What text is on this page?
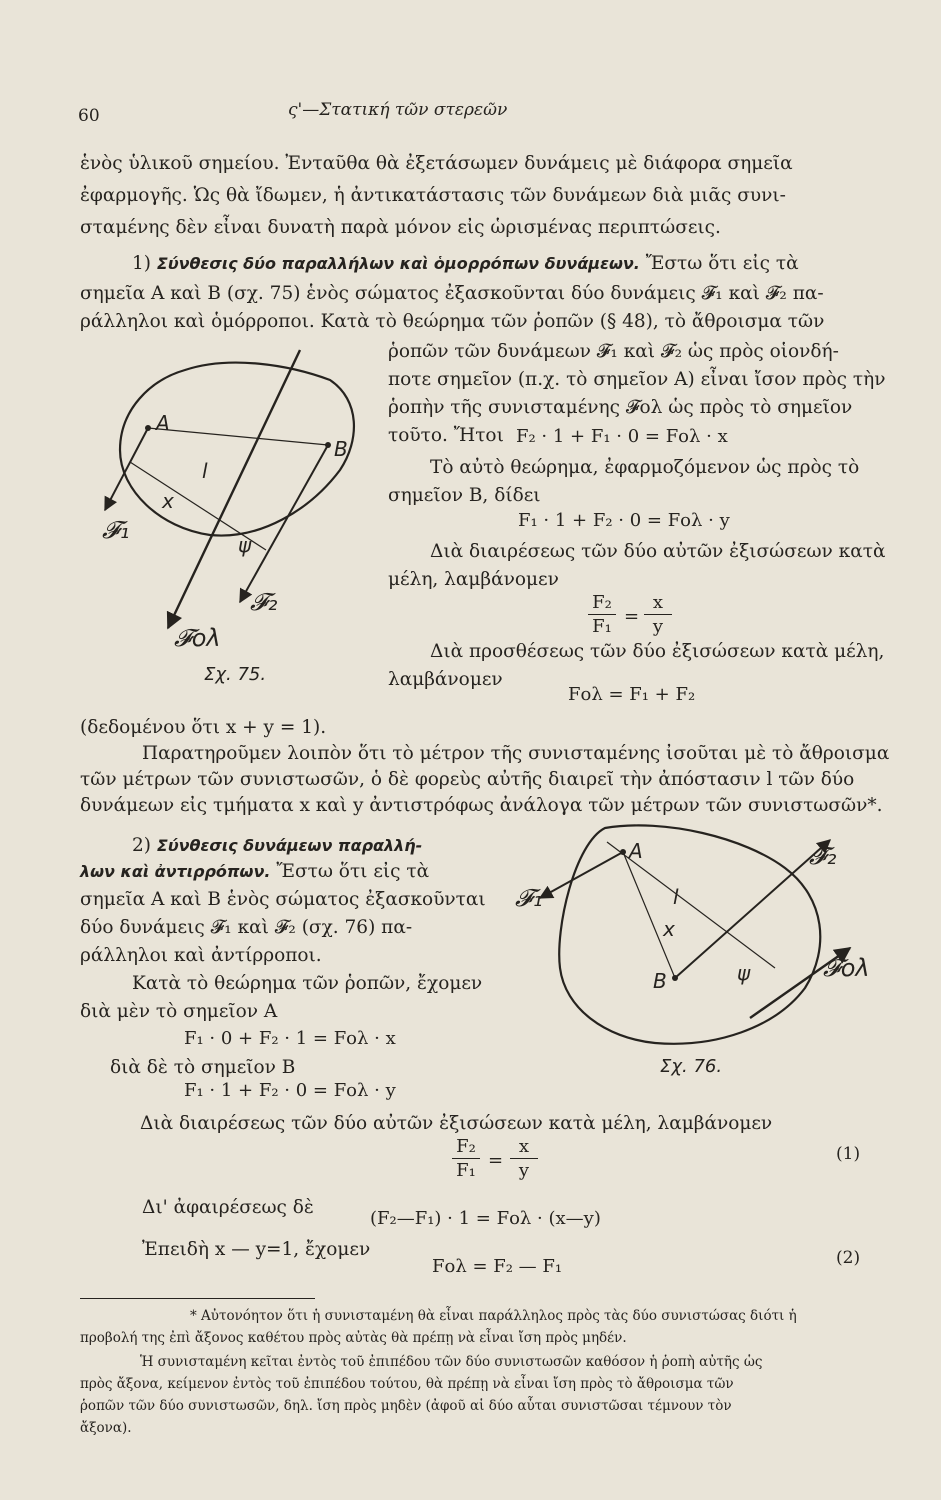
60	ς'—Στατική τῶν στερεῶν
ἑνὸς ὑλικοῦ σημείου. Ἐνταῦθα θὰ ἐξετάσωμεν δυνάμεις μὲ διάφορα σημεῖα
ἐφαρμογῆς. Ὡς θὰ ἴδωμεν, ἡ ἀντικατάστασις τῶν δυνάμεων διὰ μιᾶς συνι-
σταμένης δὲν εἶναι δυνατὴ παρὰ μόνον εἰς ὡρισμένας περιπτώσεις.
1) Σύνθεσις δύο παραλλήλων καὶ ὁμορρόπων δυνάμεων. Ἔστω ὅτι εἰς τὰ
σημεῖα Α καὶ Β (σχ. 75) ἑνὸς σώματος ἐξασκοῦνται δύο δυνάμεις 𝓕₁ καὶ 𝓕₂ πα-
ράλληλοι καὶ ὁμόρροποι. Κατὰ τὸ θεώρημα τῶν ῥοπῶν (§ 48), τὸ ἄθροισμα τῶν
ῥοπῶν τῶν δυνάμεων 𝓕₁ καὶ 𝓕₂ ὡς πρὸς οἱονδή-
ποτε σημεῖον (π.χ. τὸ σημεῖον Α) εἶναι ἴσον πρὸς τὴν
ῥοπὴν τῆς συνισταμένης 𝓕ολ ὡς πρὸς τὸ σημεῖον
τοῦτο. Ἤτοι F₂ · 1 + F₁ · 0 = Fολ · x
Τὸ αὐτὸ θεώρημα, ἐφαρμοζόμενον ὡς πρὸς τὸ
σημεῖον Β, δίδει
F₁ · 1 + F₂ · 0 = Fολ · y
Διὰ διαιρέσεως τῶν δύο αὐτῶν ἐξισώσεων κατὰ
μέλη, λαμβάνομεν
F₂
F₁ =
x
y
Διὰ προσθέσεως τῶν δύο ἐξισώσεων κατὰ μέλη,
λαμβάνομεν
Fολ = F₁ + F₂
A
B
l
x
ψ
𝓕₁
𝓕₂
𝓕ολ
Σχ. 75.
(δεδομένου ὅτι x + y = 1).
Παρατηροῦμεν λοιπὸν ὅτι τὸ μέτρον τῆς συνισταμένης ἰσοῦται μὲ τὸ ἄθροισμα
τῶν μέτρων τῶν συνιστωσῶν, ὁ δὲ φορεὺς αὐτῆς διαιρεῖ τὴν ἀπόστασιν l τῶν δύο
δυνάμεων εἰς τμήματα x καὶ y ἀντιστρόφως ἀνάλογα τῶν μέτρων τῶν συνιστωσῶν*.
2) Σύνθεσις δυνάμεων παραλλή-
λων καὶ ἀντιρρόπων. Ἔστω ὅτι εἰς τὰ
σημεῖα Α καὶ Β ἑνὸς σώματος ἐξασκοῦνται
δύο δυνάμεις 𝓕₁ καὶ 𝓕₂ (σχ. 76) πα-
ράλληλοι καὶ ἀντίρροποι.
Κατὰ τὸ θεώρημα τῶν ῥοπῶν, ἔχομεν
διὰ μὲν τὸ σημεῖον Α
F₁ · 0 + F₂ · 1 = Fολ · x
διὰ δὲ τὸ σημεῖον Β
F₁ · 1 + F₂ · 0 = Fολ · y
A
B
l
x
ψ
𝓕₁
𝓕₂
𝓕ολ
Σχ. 76.
Διὰ διαιρέσεως τῶν δύο αὐτῶν ἐξισώσεων κατὰ μέλη, λαμβάνομεν
F₂
F₁ =
x
y
(1)
Δι' ἀφαιρέσεως δὲ
(F₂—F₁) · 1 = Fολ · (x—y)
Ἐπειδὴ x — y=1, ἔχομεν
Fολ = F₂ — F₁	(2)
* Αὐτονόητον ὅτι ἡ συνισταμένη θὰ εἶναι παράλληλος πρὸς τὰς δύο συνιστώσας διότι ἡ
προβολή της ἐπὶ ἄξονος καθέτου πρὸς αὐτὰς θὰ πρέπῃ νὰ εἶναι ἴση πρὸς μηδέν.
Ἡ συνισταμένη κεῖται ἐντὸς τοῦ ἐπιπέδου τῶν δύο συνιστωσῶν καθόσον ἡ ῥοπὴ αὐτῆς ὡς
πρὸς ἄξονα, κείμενον ἐντὸς τοῦ ἐπιπέδου τούτου, θὰ πρέπῃ νὰ εἶναι ἴση πρὸς τὸ ἄθροισμα τῶν
ῥοπῶν τῶν δύο συνιστωσῶν, δηλ. ἴση πρὸς μηδὲν (ἀφοῦ αἱ δύο αὗται συνιστῶσαι τέμνουν τὸν
ἄξονα).
